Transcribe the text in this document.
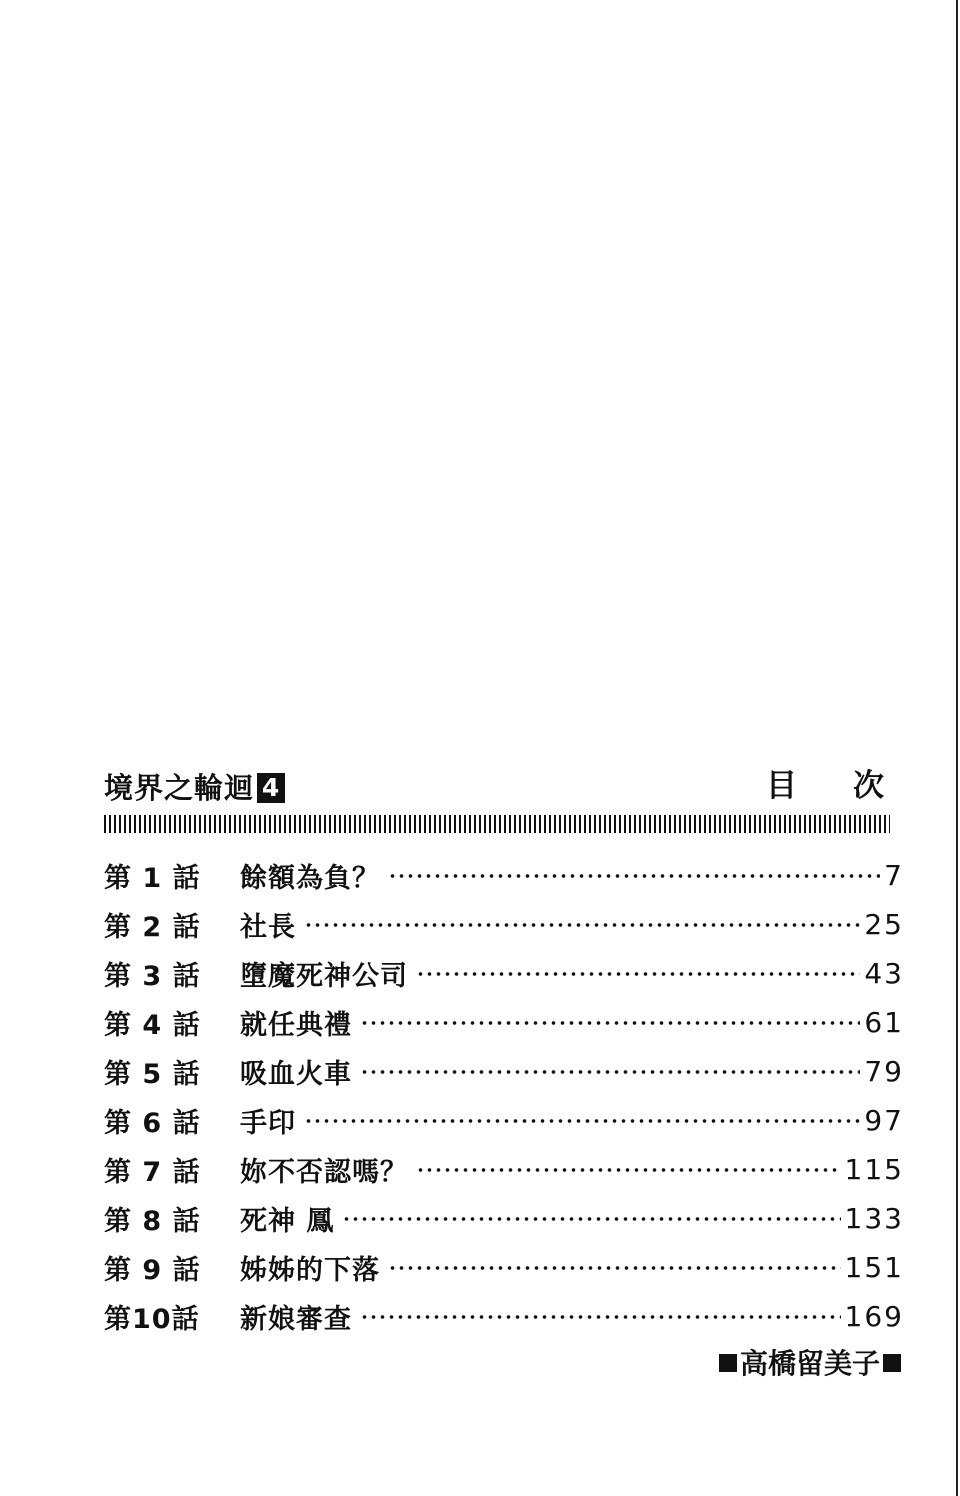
境界之輪迴 4	目次
第 1 話	餘額為負？	7
第 2 話	社長	25
第 3 話	墮魔死神公司	43
第 4 話	就任典禮	61
第 5 話	吸血火車	79
第 6 話	手印	97
第 7 話	妳不否認嗎？	115
第 8 話	死神 鳳	133
第 9 話	姊姊的下落	151
第10話	新娘審查	169
高橋留美子
